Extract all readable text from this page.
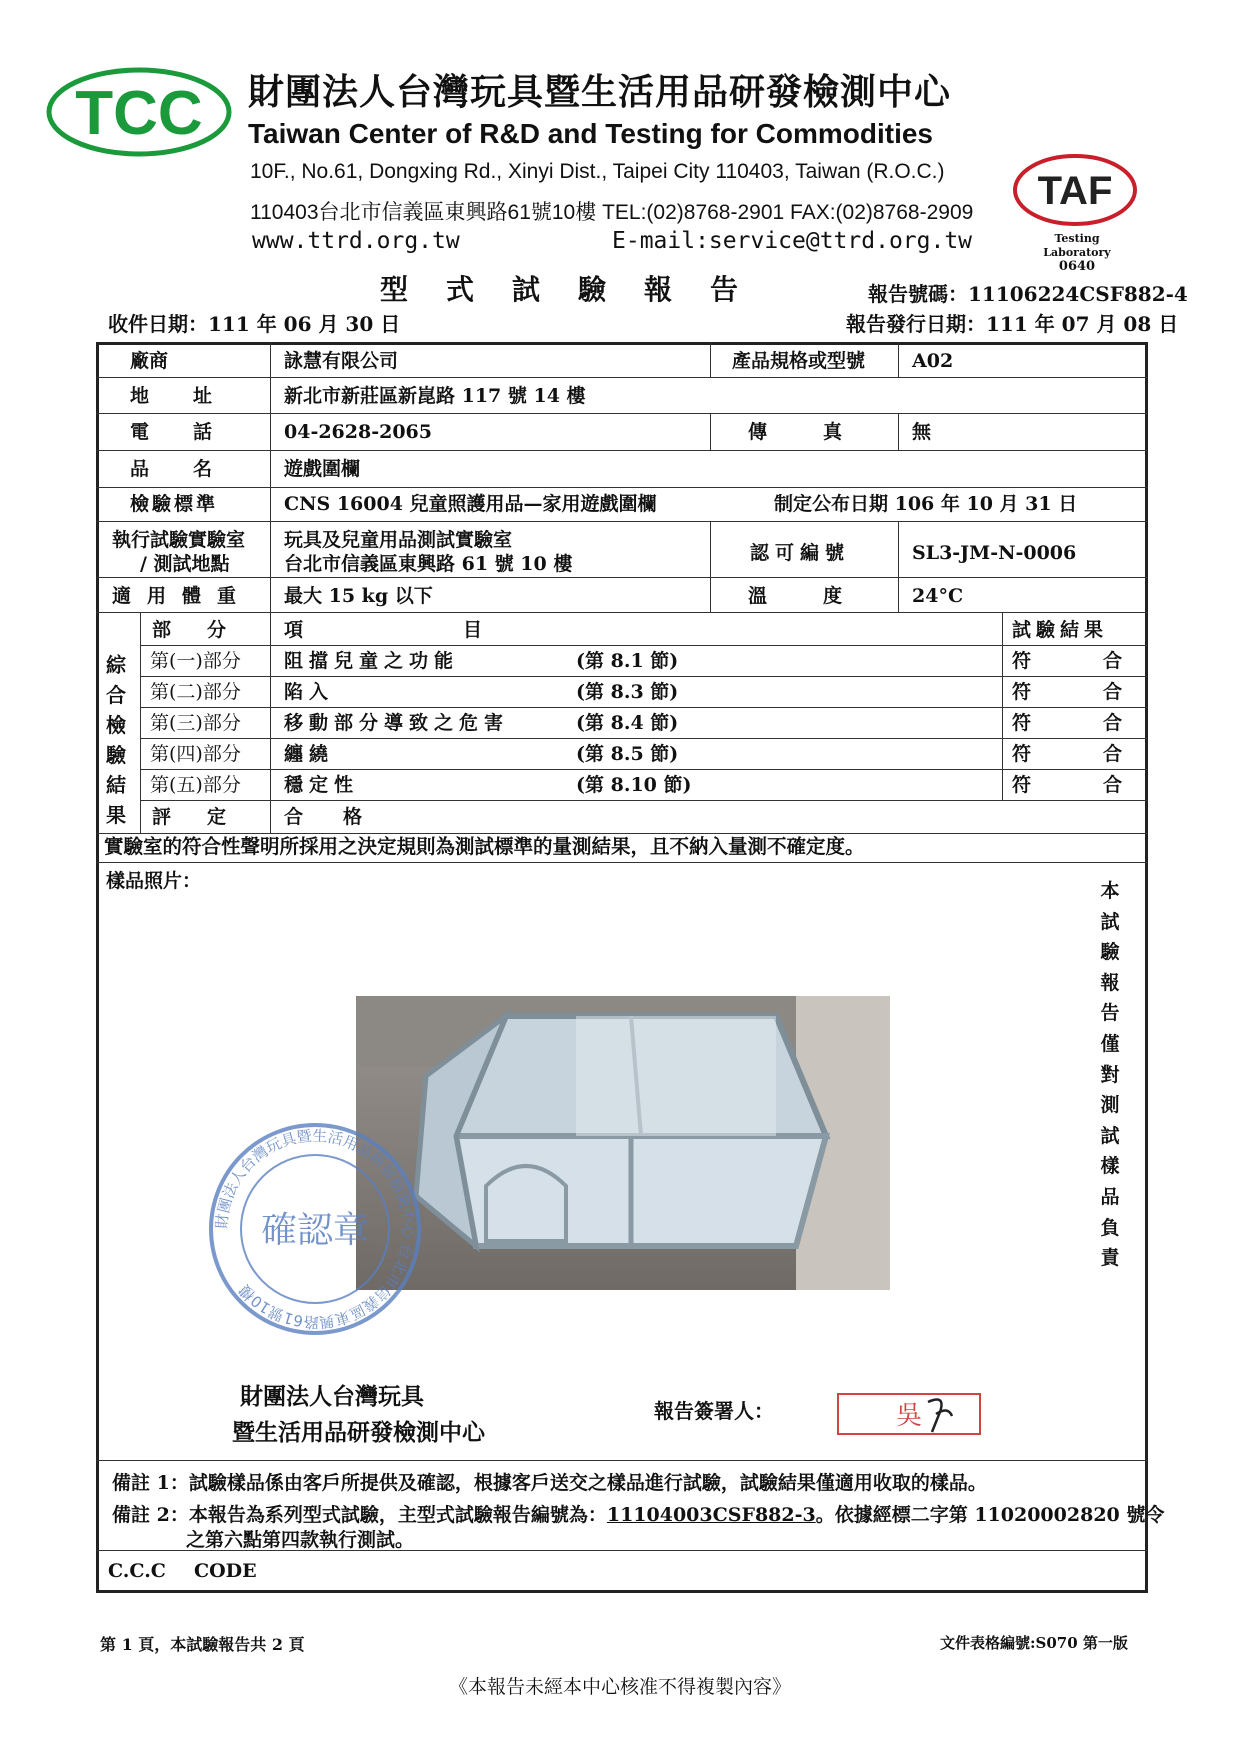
TCC 財團法人台灣玩具暨生活用品研發檢測中心
Taiwan Center of R&D and Testing for Commodities
10F., No.61, Dongxing Rd., Xinyi Dist., Taipei City 110403, Taiwan (R.O.C.)
110403台北市信義區東興路61號10樓 TEL:(02)8768-2901 FAX:(02)8768-2909
www.ttrd.org.tw	E-mail:service@ttrd.org.tw
TAF
Testing Laboratory
0640
型式試驗報告	報告號碼：11106224CSF882-4
收件日期：111 年 06 月 30 日	報告發行日期：111 年 07 月 08 日
廠商	詠慧有限公司	產品規格或型號 A02
地址 新北市新莊區新崑路 117 號 14 樓
電話 04-2628-2065	傳真 無
品名 遊戲圍欄
檢驗標準	CNS 16004 兒童照護用品—家用遊戲圍欄	制定公布日期 106 年 10 月 31 日
執行試驗實驗室
/ 測試地點
玩具及兒童用品測試實驗室
台北市信義區東興路 61 號 10 樓	認可編號	SL3-JM-N-0006
適用體重 最大 15 kg 以下	溫度 24°C
綜合檢驗結果
部分 項目	試驗結果
第(一)部分 阻擋兒童之功能	(第 8.1 節)	符合
第(二)部分 陷入	(第 8.3 節)	符合
第(三)部分 移動部分導致之危害	(第 8.4 節)	符合
第(四)部分 纏繞	(第 8.5 節)	符合
第(五)部分 穩定性	(第 8.10 節)	符合
評定 合格
實驗室的符合性聲明所採用之決定規則為測試標準的量測結果，且不納入量測不確定度。
樣品照片：	本試驗報告僅對測試樣品負責
財團法人台灣玩具暨生活用品研發檢測中心 台北市信義區東興路61號10樓
確認章
財團法人台灣玩具
暨生活用品研發檢測中心
報告簽署人：	吳
備註 1：試驗樣品係由客戶所提供及確認，根據客戶送交之樣品進行試驗，試驗結果僅適用收取的樣品。
備註 2：本報告為系列型式試驗，主型式試驗報告編號為：11104003CSF882-3。依據經標二字第 11020002820 號令
之第六點第四款執行測試。
C.C.C CODE
第 1 頁，本試驗報告共 2 頁	文件表格編號:S070 第一版
《本報告未經本中心核准不得複製內容》
